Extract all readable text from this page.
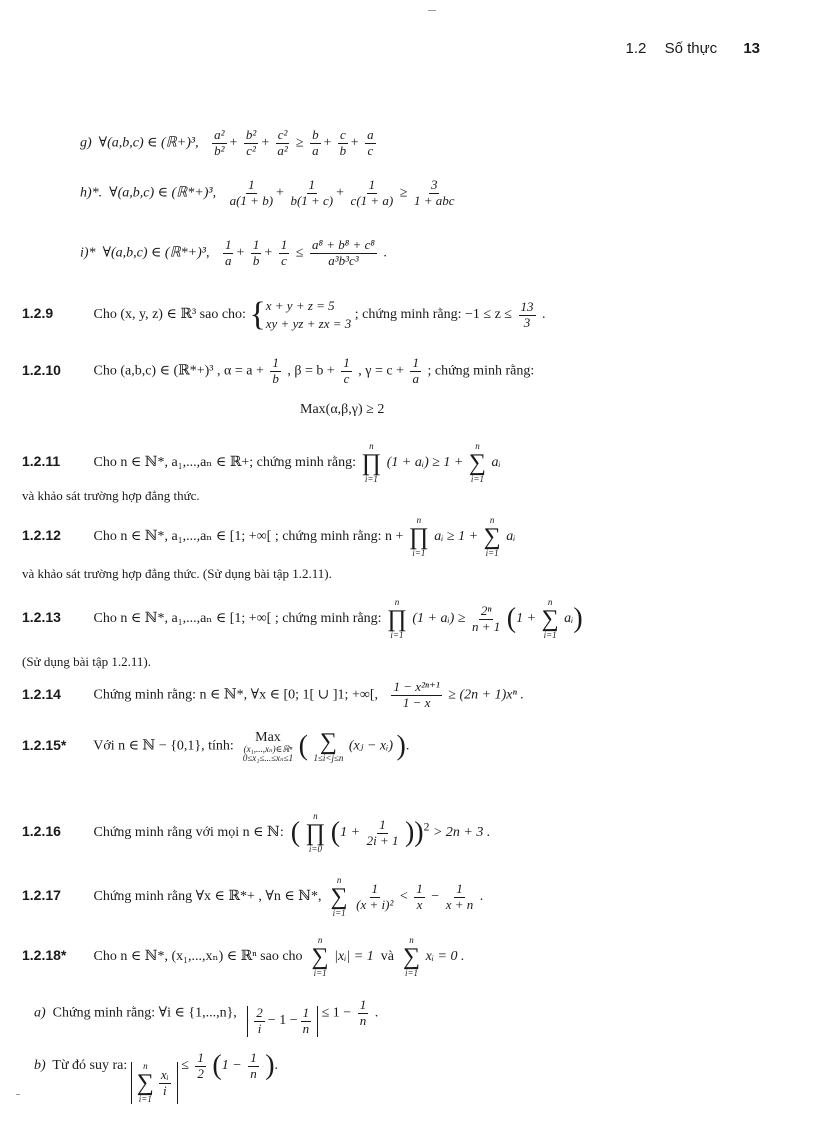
1.2 Số thực 13
g) ∀(a,b,c) ∈ (ℝ+)³, $\frac{\text{a²}}{\text{b²}} + \frac{\text{b²}}{\text{c²}} + \frac{\text{c²}}{\text{a²}} \ge \frac{b}{a} + \frac{c}{b} + \frac{a}{c}$
h)*. ∀(a,b,c) ∈ (ℝ*+)³, $\frac{1}{a(1 + b)} + \frac{1}{b(1 + c)} + \frac{1}{c(1 + a)} \ge \frac{3}{\text{1 + abc}}$
i)* ∀(a,b,c) ∈ (ℝ*+)³, $\frac{1}{a} + \frac{1}{b} + \frac{1}{c} \le \frac{\text{a⁸ + b⁸ + c⁸}}{\text{a³b³c³}}$ .
1.2.9	Cho (x, y, z) ∈ ℝ³ sao cho: { x + y + z = 5
xy + yz + zx = 3
; chứng minh rằng: $-1 \le z \le \frac{13}{3}$ .
1.2.10 Cho (a,b,c) ∈ (ℝ*+)³ , $\alpha = a + \frac{1}{b}$ , $\beta = b + \frac{1}{c}$ , $\gamma = c + \frac{1}{a}$ ; chứng minh rằng:
Max(α,β,γ) ≥ 2
1.2.11 Cho n ∈ ℕ*, a₁,...,aₙ ∈ ℝ+; chứng minh rằng:
n
∏
i=1
(1 + aᵢ) ≥ 1 +
n
∑
i=1
aᵢ
và khảo sát trường hợp đẳng thức.
1.2.12 Cho n ∈ ℕ*, a₁,...,aₙ ∈ [1; +∞[ ; chứng minh rằng: n +
n
∏
i=1
aᵢ ≥ 1 +
n
∑
i=1
aᵢ
và khảo sát trường hợp đẳng thức. (Sử dụng bài tập 1.2.11).
1.2.13 Cho n ∈ ℕ*, a₁,...,aₙ ∈ [1; +∞[ ; chứng minh rằng:
n
∏
i=1
(1 + aᵢ) ≥ $\frac{\text{2ⁿ}}{n + 1} (1$ +
n
∑
i=1
aᵢ)
(Sử dụng bài tập 1.2.11).
1.2.14 Chứng minh rằng: n ∈ ℕ*, ∀x ∈ [0; 1[ ∪ ]1; +∞[, $\frac{\text{1 − x²ⁿ⁺¹}}{1 - x} \ge (2n + 1)x^n$ .
1.2.15* Với n ∈ ℕ − {0,1}, tính:
Max
(x₁,...,xₙ)∈ℝⁿ
0≤x₁≤...≤xₙ≤1 ( ∑
1≤i<j≤n
(xⱼ − xᵢ) ).
1.2.16 Chứng minh rằng với mọi n ∈ ℕ: (
n
∏
i=0
$(1 + \frac{1}{2i + 1} ))^2 > 2n + 3$ .
1.2.17 Chứng minh rằng ∀x ∈ ℝ*+ , ∀n ∈ ℕ*,
n
∑
i=1

$\frac{1}{\text{(x + i)²}} < \frac{1}{x} - \frac{1}{x + n}$ .
1.2.18* Cho n ∈ ℕ*, (x₁,...,xₙ) ∈ ℝⁿ sao cho
n
∑
i=1
|xᵢ| = 1 và
n
∑
i=1
xᵢ = 0 .
a) Chứng minh rằng: ∀i ∈ {1,...,n}, $\frac{2}{i} - 1 - \frac{1}{n} \le 1 - \frac{1}{n}$ .
b) Từ đó suy ra: n
∑
i=1
$\frac{\text{xᵢ}}{i}$
≤ $\frac{1}{2} (1 - \frac{1}{n}$ ).
